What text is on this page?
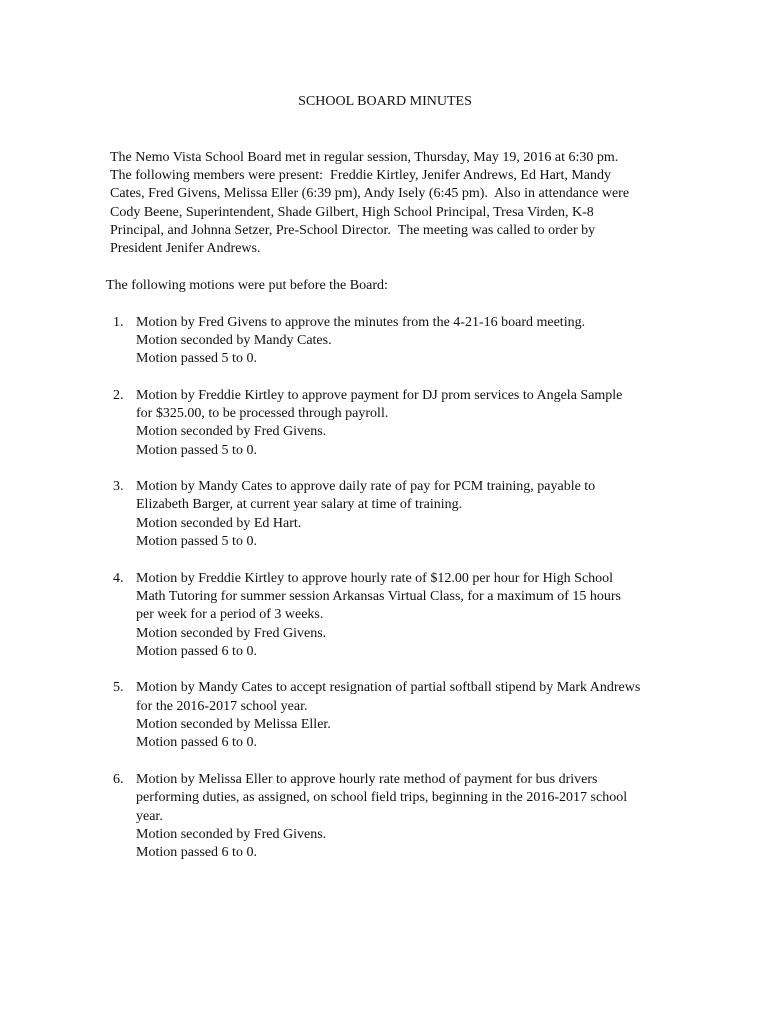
SCHOOL BOARD MINUTES
The Nemo Vista School Board met in regular session, Thursday, May 19, 2016 at 6:30 pm.
The following members were present:  Freddie Kirtley, Jenifer Andrews, Ed Hart, Mandy
Cates, Fred Givens, Melissa Eller (6:39 pm), Andy Isely (6:45 pm).  Also in attendance were
Cody Beene, Superintendent, Shade Gilbert, High School Principal, Tresa Virden, K-8
Principal, and Johnna Setzer, Pre-School Director.  The meeting was called to order by
President Jenifer Andrews.
The following motions were put before the Board:
1. Motion by Fred Givens to approve the minutes from the 4-21-16 board meeting.
Motion seconded by Mandy Cates.
Motion passed 5 to 0.
2. Motion by Freddie Kirtley to approve payment for DJ prom services to Angela Sample
for $325.00, to be processed through payroll.
Motion seconded by Fred Givens.
Motion passed 5 to 0.
3. Motion by Mandy Cates to approve daily rate of pay for PCM training, payable to
Elizabeth Barger, at current year salary at time of training.
Motion seconded by Ed Hart.
Motion passed 5 to 0.
4. Motion by Freddie Kirtley to approve hourly rate of $12.00 per hour for High School
Math Tutoring for summer session Arkansas Virtual Class, for a maximum of 15 hours
per week for a period of 3 weeks.
Motion seconded by Fred Givens.
Motion passed 6 to 0.
5. Motion by Mandy Cates to accept resignation of partial softball stipend by Mark Andrews
for the 2016-2017 school year.
Motion seconded by Melissa Eller.
Motion passed 6 to 0.
6. Motion by Melissa Eller to approve hourly rate method of payment for bus drivers
performing duties, as assigned, on school field trips, beginning in the 2016-2017 school
year.
Motion seconded by Fred Givens.
Motion passed 6 to 0.
